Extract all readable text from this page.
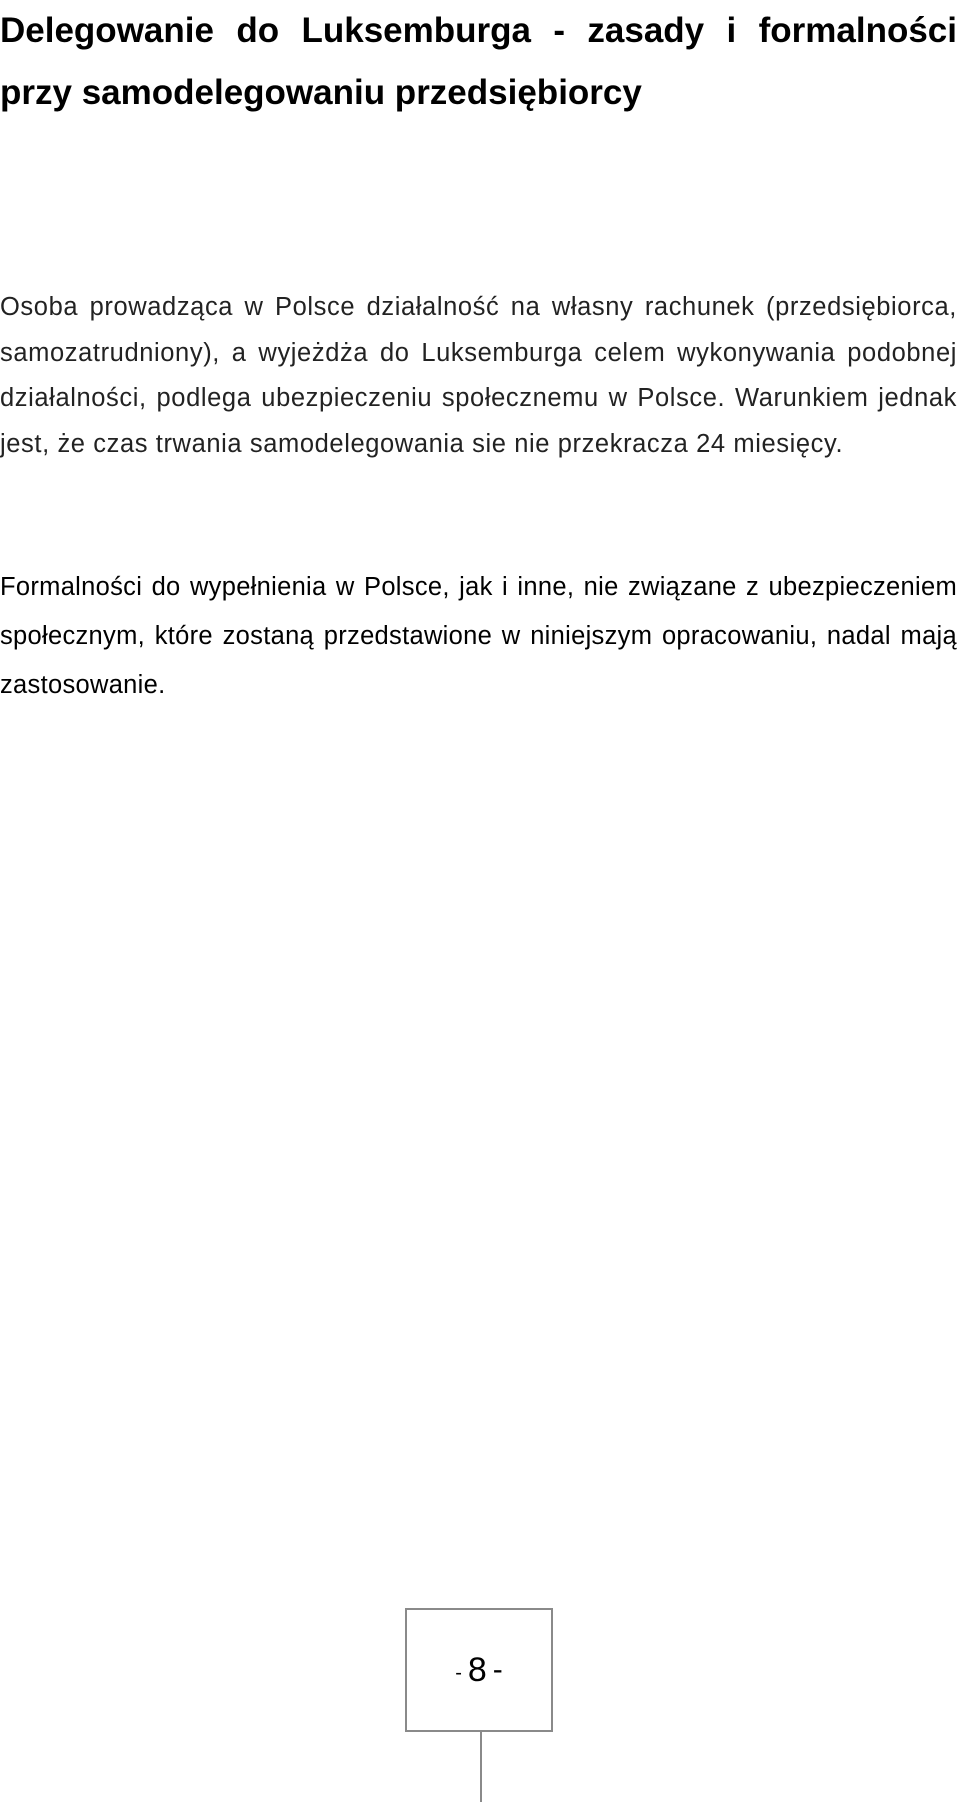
Delegowanie do Luksemburga - zasady i formalności przy samodelegowaniu przedsiębiorcy

Osoba prowadząca w Polsce działalność na własny rachunek (przedsiębiorca, samozatrudniony), a wyjeżdża do Luksemburga celem wykonywania podobnej działalności, podlega ubezpieczeniu społecznemu w Polsce. Warunkiem jednak jest, że czas trwania samodelegowania sie nie przekracza 24 miesięcy.

Formalności do wypełnienia w Polsce, jak i inne, nie związane z ubezpieczeniem społecznym, które zostaną przedstawione w niniejszym opracowaniu, nadal mają zastosowanie.

- 8 -
